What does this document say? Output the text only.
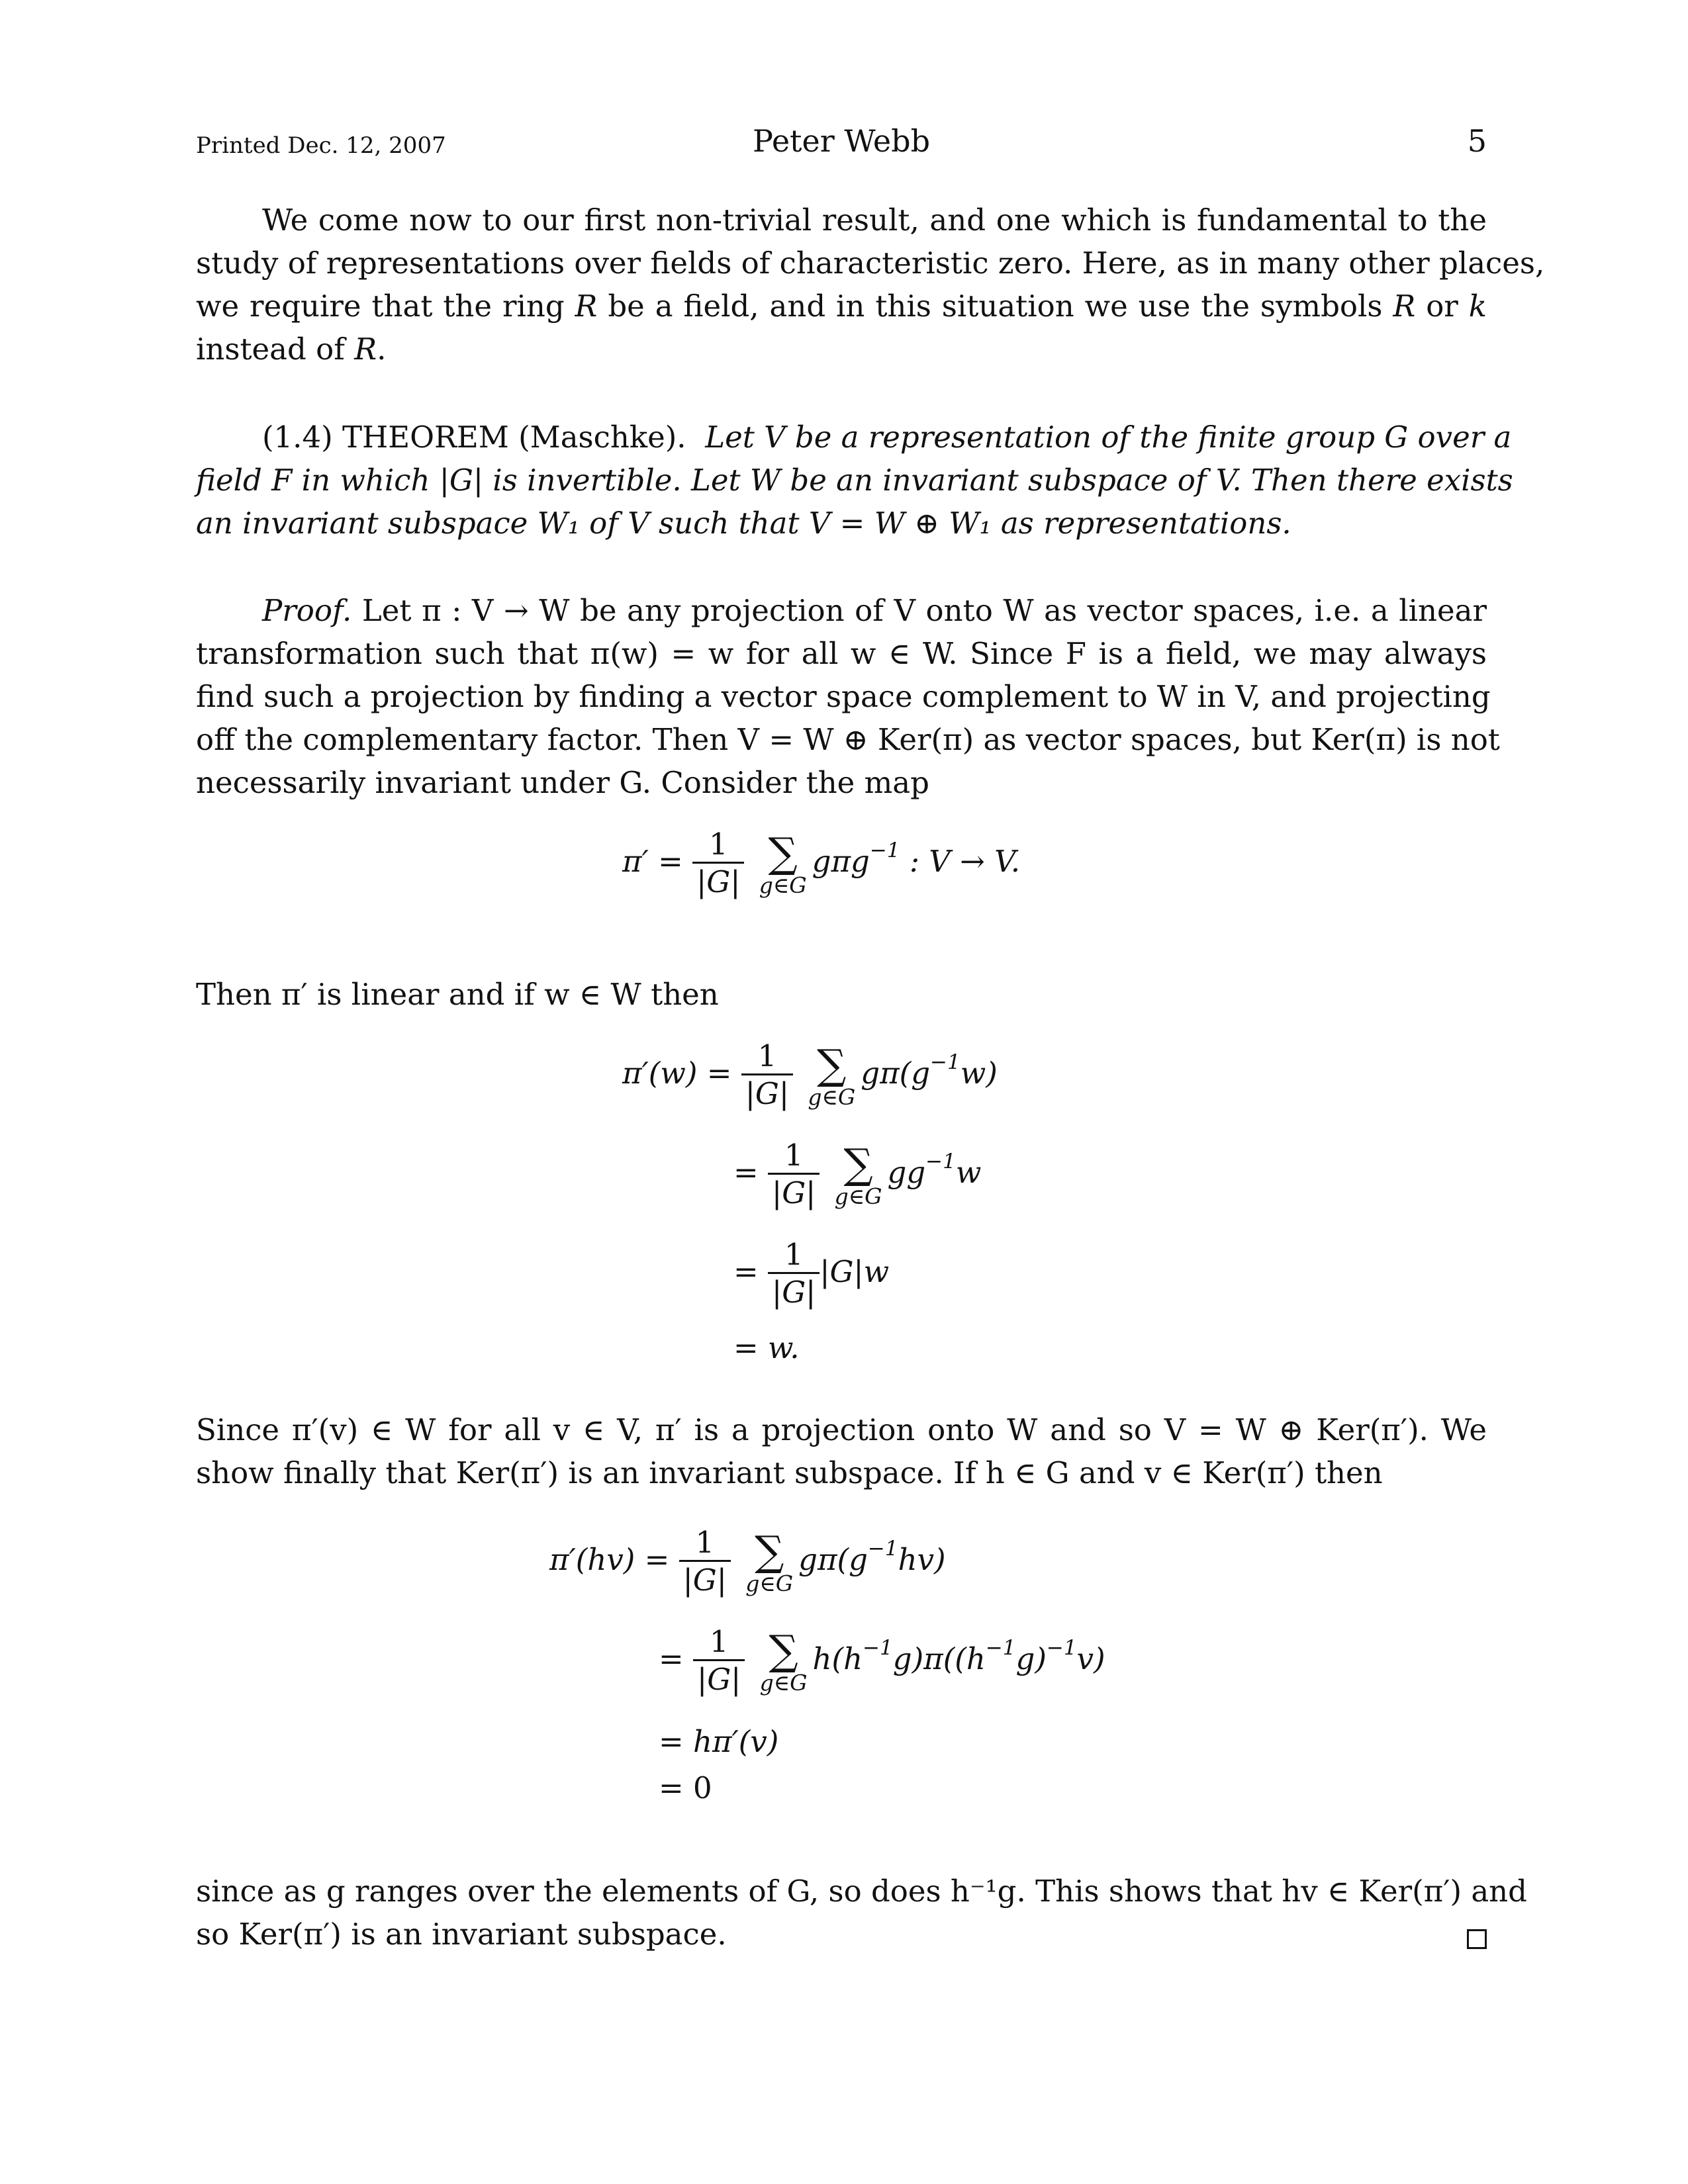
Printed Dec. 12, 2007	Peter Webb	5
We come now to our first non-trivial result, and one which is fundamental to the
study of representations over fields of characteristic zero. Here, as in many other places,
we require that the ring R be a field, and in this situation we use the symbols R or k
instead of R.
(1.4) THEOREM (Maschke). Let V be a representation of the finite group G over a
field F in which |G| is invertible. Let W be an invariant subspace of V. Then there exists
an invariant subspace W₁ of V such that V = W ⊕ W₁ as representations.
Proof. Let π : V → W be any projection of V onto W as vector spaces, i.e. a linear
transformation such that π(w) = w for all w ∈ W. Since F is a field, we may always
find such a projection by finding a vector space complement to W in V, and projecting
off the complementary factor. Then V = W ⊕ Ker(π) as vector spaces, but Ker(π) is not
necessarily invariant under G. Consider the map
$\pi' = \frac{1}{|G|}$
∑
g∈G
gπg$^{-1}$ : V → V.
Then π′ is linear and if w ∈ W then
$\pi'(w) = \frac{1}{|G|}$
∑
g∈G
$g\pi(g^{-1}w)$
= $\frac{1}{|G|}$
∑
g∈G
$gg^{-1}w$
= $\frac{1}{|G|} |G|w$
= w.
Since π′(v) ∈ W for all v ∈ V, π′ is a projection onto W and so V = W ⊕ Ker(π′). We
show finally that Ker(π′) is an invariant subspace. If h ∈ G and v ∈ Ker(π′) then
$\pi'(hv) = \frac{1}{|G|}$
∑
g∈G
$g\pi(g^{-1}hv)$
= $\frac{1}{|G|}$
∑
g∈G
$h(h^{-1}g)\pi((h^{-1}g)^{-1}v)$
= hπ′(v)
= 0
since as g ranges over the elements of G, so does h⁻¹g. This shows that hv ∈ Ker(π′) and
so Ker(π′) is an invariant subspace.
